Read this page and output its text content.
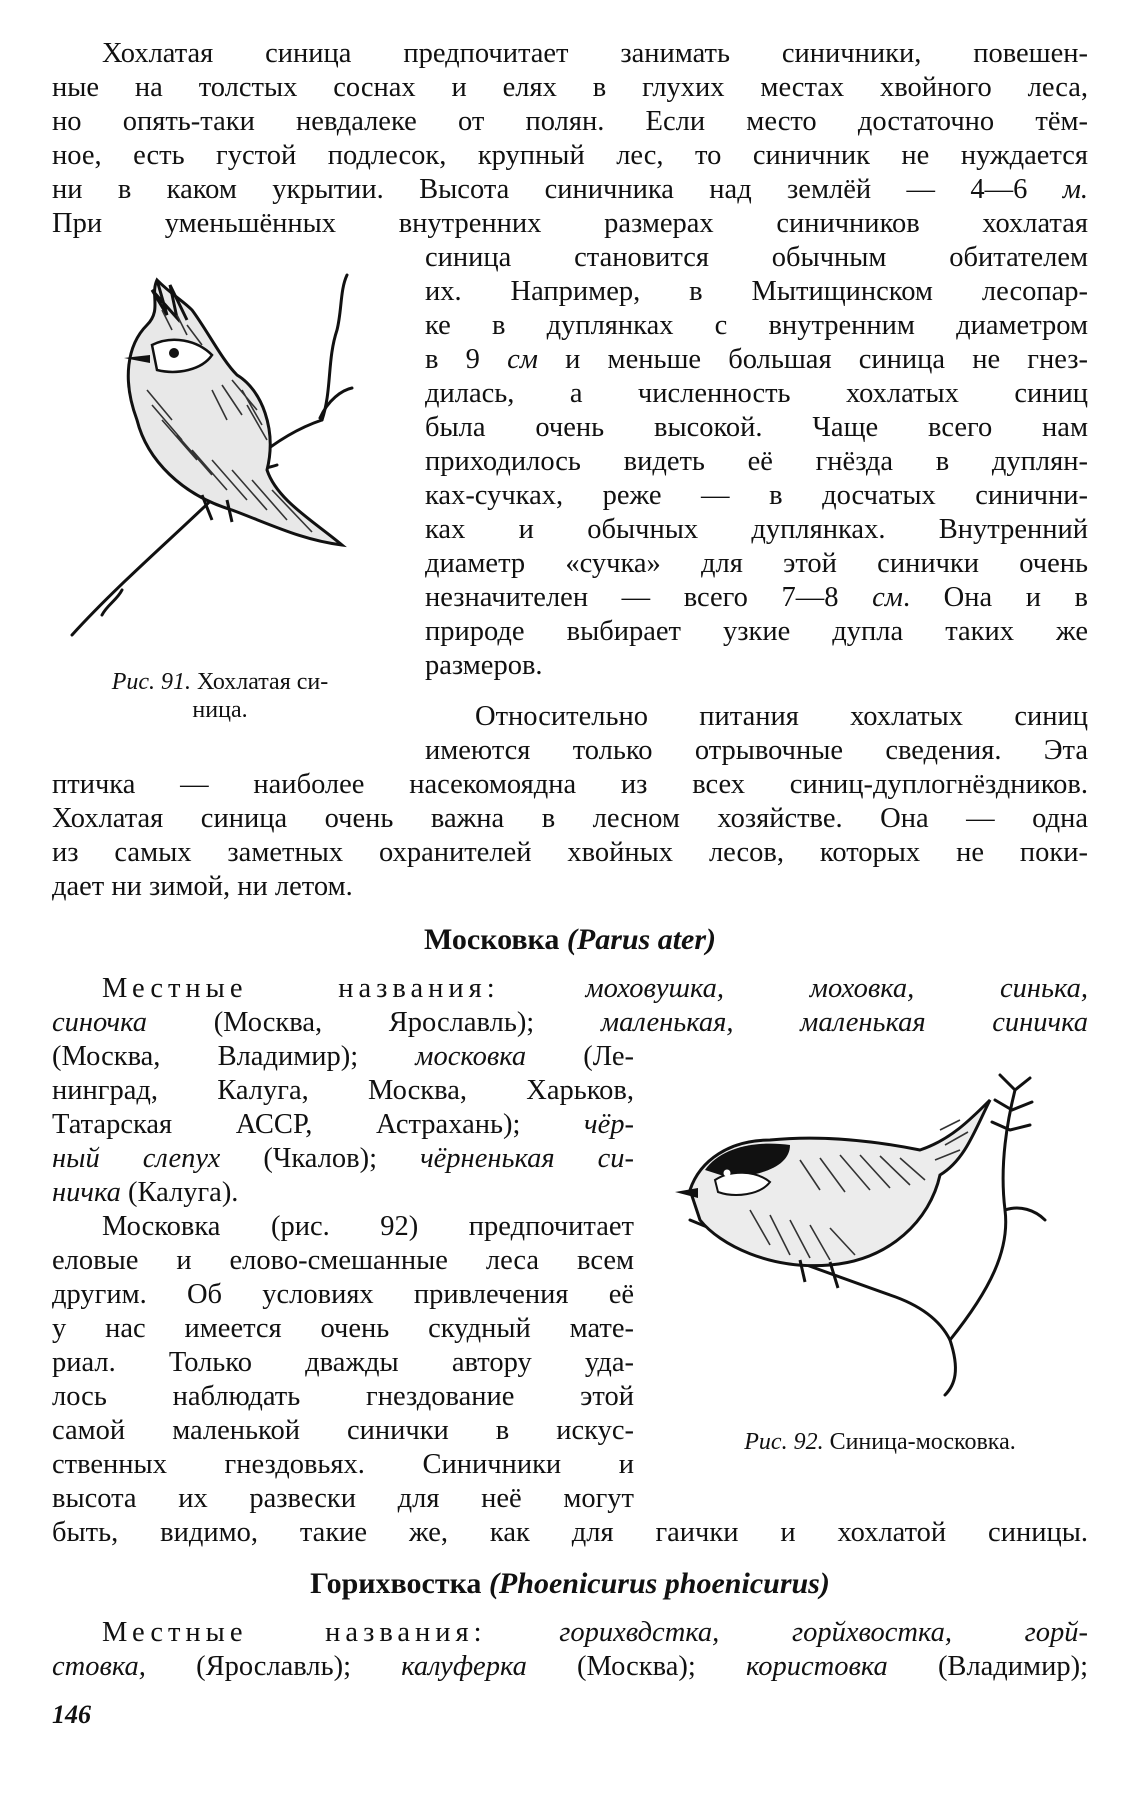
Хохлатая синица предпочитает занимать синичники, повешен-
ные на толстых соснах и елях в глухих местах хвойного леса,
но опять-таки невдалеке от полян. Если место достаточно тём-
ное, есть густой подлесок, крупный лес, то синичник не нуждается
ни в каком укрытии. Высота синичника над землёй — 4—6 м.
При уменьшённых внутренних размерах синичников хохлатая
синица становится обычным обитателем
их. Например, в Мытищинском лесопар-
ке в дуплянках с внутренним диаметром
в 9 см и меньше большая синица не гнез-
дилась, а численность хохлатых синиц
была очень высокой. Чаще всего нам
приходилось видеть её гнёзда в дуплян-
ках-сучках, реже — в досчатых синични-
ках и обычных дуплянках. Внутренний
диаметр «сучка» для этой синички очень
незначителен — всего 7—8 см. Она и в
природе выбирает узкие дупла таких же
размеров.
Рис. 91. Хохлатая си-
ница.	Относительно питания хохлатых синиц
имеются только отрывочные сведения. Эта
птичка — наиболее насекомоядна из всех синиц-дуплогнёздников.
Хохлатая синица очень важна в лесном хозяйстве. Она — одна
из самых заметных охранителей хвойных лесов, которых не поки-
дает ни зимой, ни летом.
Московка (Parus ater)
Местные названия:	моховушка, моховка, синька,
синочка (Москва, Ярославль); маленькая, маленькая синичка
(Москва, Владимир); московка (Ле-
нинград, Калуга, Москва, Харьков,
Татарская АССР, Астрахань); чёр-
ный слепух (Чкалов); чёрненькая си-
ничка (Калуга).
Московка (рис. 92) предпочитает
еловые и елово-смешанные леса всем
другим. Об условиях привлечения её
у нас имеется очень скудный мате-
риал. Только дважды автору уда-
лось наблюдать гнездование этой
самой маленькой синички в искус-
ственных гнездовьях. Синичники и
высота их развески для неё могут
быть, видимо, такие же, как для гаички и хохлатой синицы.
Рис. 92. Синица-московка.
Горихвостка (Phoenicurus phoenicurus)
Местные названия:	горихвдстка, горйхвостка, горй-
стовка, (Ярославль); калуферка (Москва); користовка (Владимир);
146
